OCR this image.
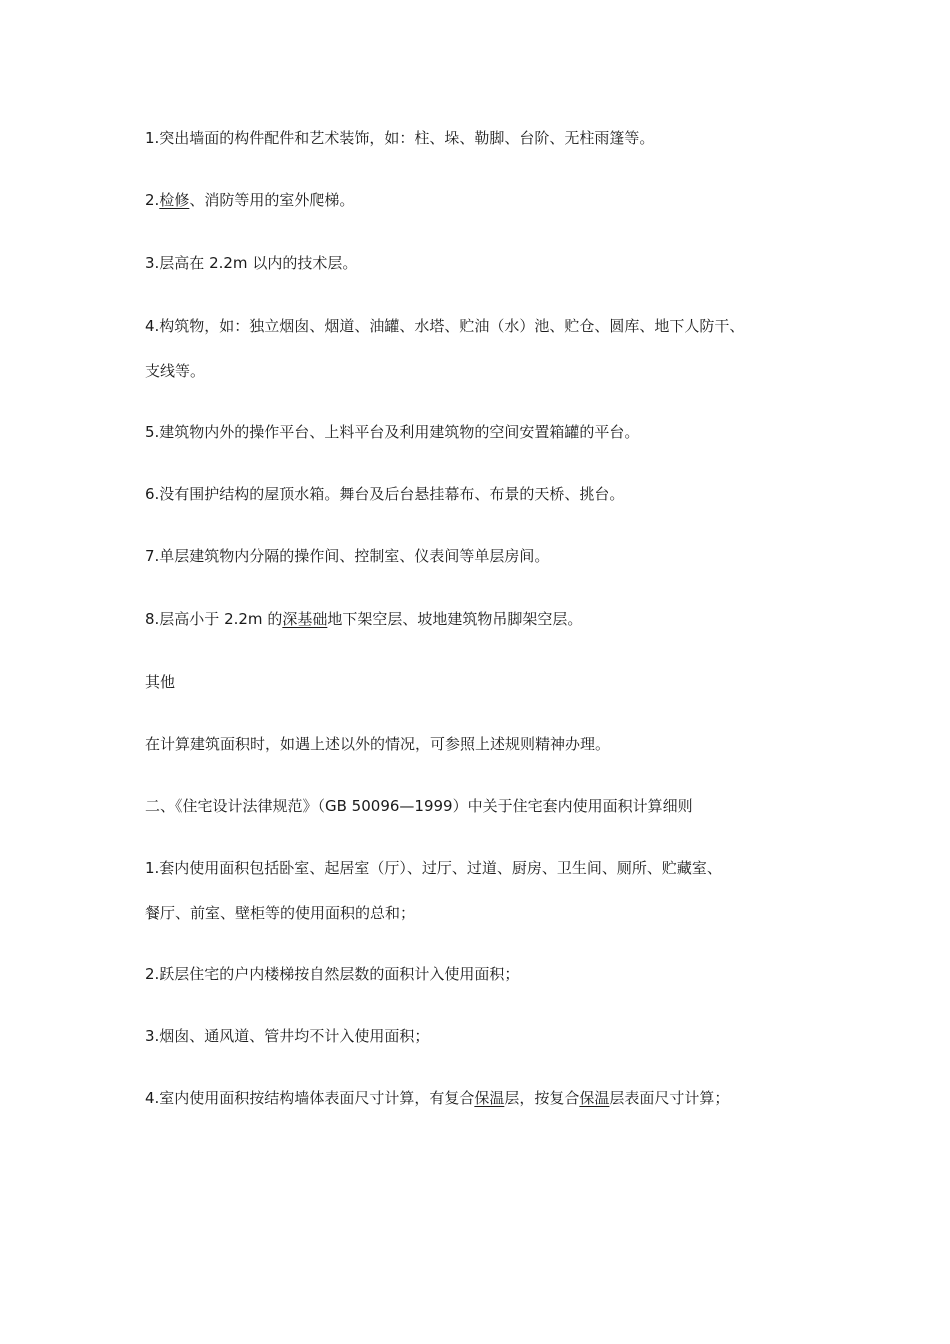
1.突出墙面的构件配件和艺术装饰，如：柱、垛、勒脚、台阶、无柱雨篷等。
2.检修、消防等用的室外爬梯。
3.层高在 2.2m 以内的技术层。
4.构筑物，如：独立烟囱、烟道、油罐、水塔、贮油（水）池、贮仓、圆库、地下人防干、
支线等。
5.建筑物内外的操作平台、上料平台及利用建筑物的空间安置箱罐的平台。
6.没有围护结构的屋顶水箱。舞台及后台悬挂幕布、布景的天桥、挑台。
7.单层建筑物内分隔的操作间、控制室、仪表间等单层房间。
8.层高小于 2.2m 的深基础地下架空层、坡地建筑物吊脚架空层。
其他
在计算建筑面积时，如遇上述以外的情况，可参照上述规则精神办理。
二、《住宅设计法律规范》（GB 50096—1999）中关于住宅套内使用面积计算细则
1.套内使用面积包括卧室、起居室（厅）、过厅、过道、厨房、卫生间、厕所、贮藏室、
餐厅、前室、壁柜等的使用面积的总和；
2.跃层住宅的户内楼梯按自然层数的面积计入使用面积；
3.烟囱、通风道、管井均不计入使用面积；
4.室内使用面积按结构墙体表面尺寸计算，有复合保温层，按复合保温层表面尺寸计算；
